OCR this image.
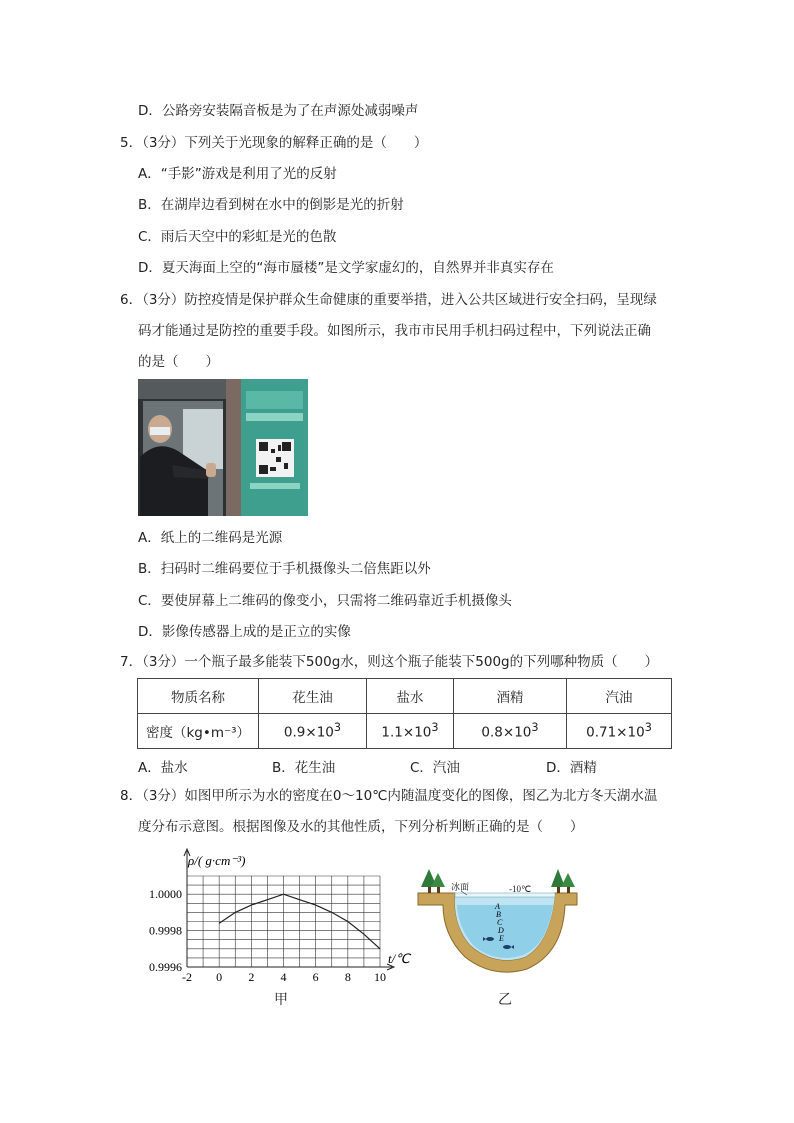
D．公路旁安装隔音板是为了在声源处减弱噪声
5．（3分）下列关于光现象的解释正确的是（　　）
A．“手影”游戏是利用了光的反射
B．在湖岸边看到树在水中的倒影是光的折射
C．雨后天空中的彩虹是光的色散
D．夏天海面上空的“海市蜃楼”是文学家虚幻的，自然界并非真实存在
6．（3分）防控疫情是保护群众生命健康的重要举措，进入公共区域进行安全扫码，呈现绿
码才能通过是防控的重要手段。如图所示，我市市民用手机扫码过程中，下列说法正确
的是（　　）
A．纸上的二维码是光源
B．扫码时二维码要位于手机摄像头二倍焦距以外
C．要使屏幕上二维码的像变小，只需将二维码靠近手机摄像头
D．影像传感器上成的是正立的实像
7．（3分）一个瓶子最多能装下500g水，则这个瓶子能装下500g的下列哪种物质（　　）
物质名称	花生油	盐水	酒精	汽油
密度（kg•m⁻³）	$0.9\times 10^3$	$1.1\times 10^3$	$0.8\times 10^3$	$0.71\times 10^3$
A．盐水	B．花生油	C．汽油	D．酒精
8．（3分）如图甲所示为水的密度在0～10℃内随温度变化的图像，图乙为北方冬天湖水温
度分布示意图。根据图像及水的其他性质，下列分析判断正确的是（　　）
-2 0 2 4 6 8 10
0.9996
0.9998
1.0000
ρ/( g·cm⁻³)
t/℃
甲
冰面	-10℃
A
B
C
D
E
乙
